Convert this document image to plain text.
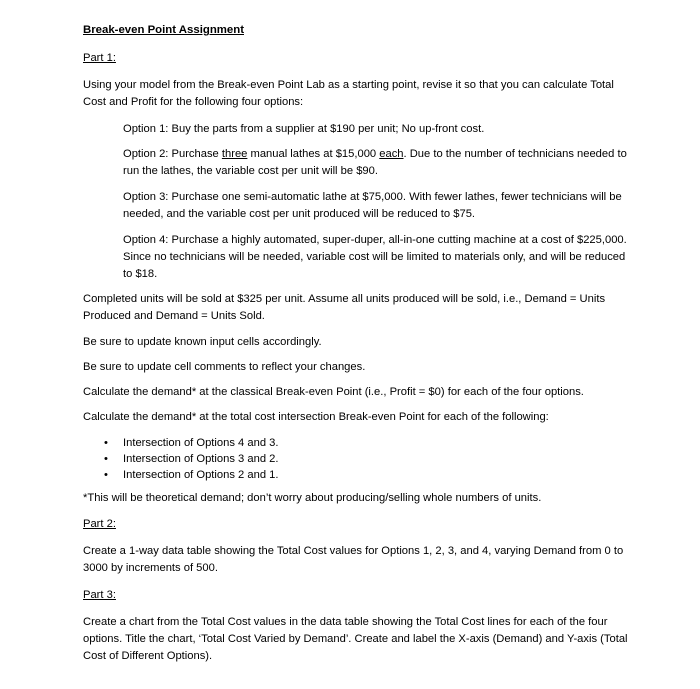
Break-even Point Assignment

Part 1:

Using your model from the Break-even Point Lab as a starting point, revise it so that you can calculate Total Cost and Profit for the following four options:

Option 1: Buy the parts from a supplier at $190 per unit; No up-front cost.

Option 2: Purchase three manual lathes at $15,000 each. Due to the number of technicians needed to run the lathes, the variable cost per unit will be $90.

Option 3: Purchase one semi-automatic lathe at $75,000. With fewer lathes, fewer technicians will be needed, and the variable cost per unit produced will be reduced to $75.

Option 4: Purchase a highly automated, super-duper, all-in-one cutting machine at a cost of $225,000. Since no technicians will be needed, variable cost will be limited to materials only, and will be reduced to $18.

Completed units will be sold at $325 per unit. Assume all units produced will be sold, i.e., Demand = Units Produced and Demand = Units Sold.

Be sure to update known input cells accordingly.

Be sure to update cell comments to reflect your changes.

Calculate the demand* at the classical Break-even Point (i.e., Profit = $0) for each of the four options.

Calculate the demand* at the total cost intersection Break-even Point for each of the following:

• Intersection of Options 4 and 3.
• Intersection of Options 3 and 2.
• Intersection of Options 2 and 1.

*This will be theoretical demand; don’t worry about producing/selling whole numbers of units.

Part 2:

Create a 1-way data table showing the Total Cost values for Options 1, 2, 3, and 4, varying Demand from 0 to 3000 by increments of 500.

Part 3:

Create a chart from the Total Cost values in the data table showing the Total Cost lines for each of the four options. Title the chart, ‘Total Cost Varied by Demand’. Create and label the X-axis (Demand) and Y-axis (Total Cost of Different Options).
